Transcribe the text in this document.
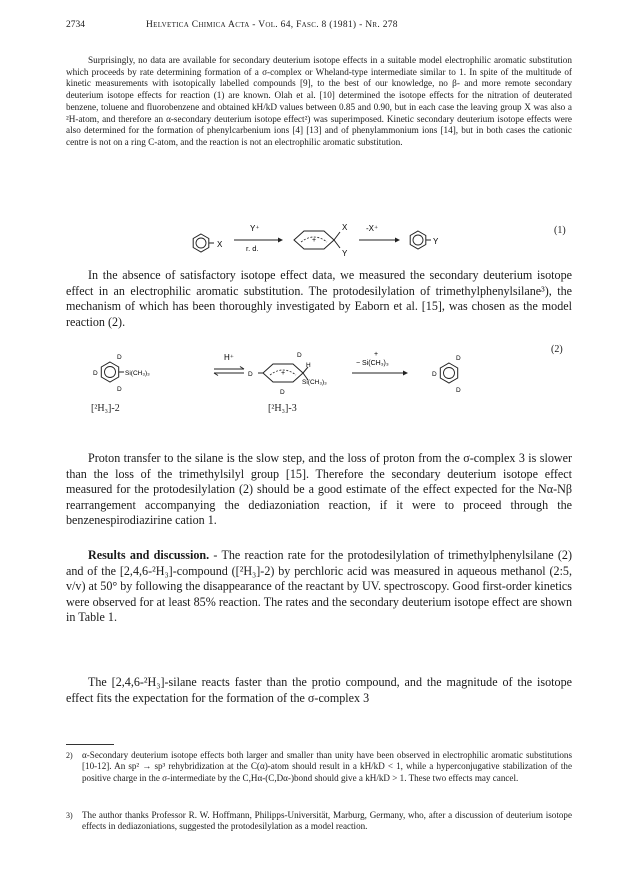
2734	Helvetica Chimica Acta - Vol. 64, Fasc. 8 (1981) - Nr. 278

Surprisingly, no data are available for secondary deuterium isotope effects in a suitable model electrophilic aromatic substitution which proceeds by rate determining formation of a σ-complex or Wheland-type intermediate similar to 1. In spite of the multitude of kinetic measurements with isotopically labelled compounds [9], to the best of our knowledge, no β- and more remote secondary deuterium isotope effects for reaction (1) are known. Olah et al. [10] determined the isotope effects for the nitration of deuterated benzene, toluene and fluorobenzene and obtained kH/kD values between 0.85 and 0.90, but in each case the leaving group X was also a ²H-atom, and therefore an α-secondary deuterium isotope effect²) was superimposed. Kinetic secondary deuterium isotope effects were also determined for the formation of phenylcarbenium ions [4] [13] and of phenylammonium ions [14], but in both cases the cationic centre is not on a ring C-atom, and the reaction is not an electrophilic aromatic substitution.

X
Y⁺
r. d.
+
X
Y
-X⁺
Y
(1)

In the absence of satisfactory isotope effect data, we measured the secondary deuterium isotope effect in an electrophilic aromatic substitution. The protodesilylation of trimethylphenylsilane³), the mechanism of which has been thoroughly investigated by Eaborn et al. [15], was chosen as the model reaction (2).

D
D
D
Si(CH₃)₃
H⁺
+
D
D
H
Si(CH₃)₃
D
+
− Si(CH₃)₃
D
D
D
(2)
[²H₃]-2	[²H₃]-3

Proton transfer to the silane is the slow step, and the loss of proton from the σ-complex 3 is slower than the loss of the trimethylsilyl group [15]. Therefore the secondary deuterium isotope effect measured for the protodesilylation (2) should be a good estimate of the effect expected for the Nα-Nβ rearrangement accompanying the dediazoniation reaction, if it were to proceed through the benzenespirodiazirine cation 1.

Results and discussion. - The reaction rate for the protodesilylation of trimethylphenylsilane (2) and of the [2,4,6-²H₃]-compound ([²H₃]-2) by perchloric acid was measured in aqueous methanol (2:5, v/v) at 50° by following the disappearance of the reactant by UV. spectroscopy. Good first-order kinetics were observed for at least 85% reaction. The rates and the secondary deuterium isotope effect are shown in Table 1.

The [2,4,6-²H₃]-silane reacts faster than the protio compound, and the magnitude of the isotope effect fits the expectation for the formation of the σ-complex 3

2) α-Secondary deuterium isotope effects both larger and smaller than unity have been observed in electrophilic aromatic substitutions [10-12]. An sp² → sp³ rehybridization at the C(α)-atom should result in a kH/kD < 1, while a hyperconjugative stabilization of the positive charge in the σ-intermediate by the C,Hα-(C,Dα-)bond should give a kH/kD > 1. These two effects may cancel.
3) The author thanks Professor R. W. Hoffmann, Philipps-Universität, Marburg, Germany, who, after a discussion of deuterium isotope effects in dediazoniations, suggested the protodesilylation as a model reaction.
